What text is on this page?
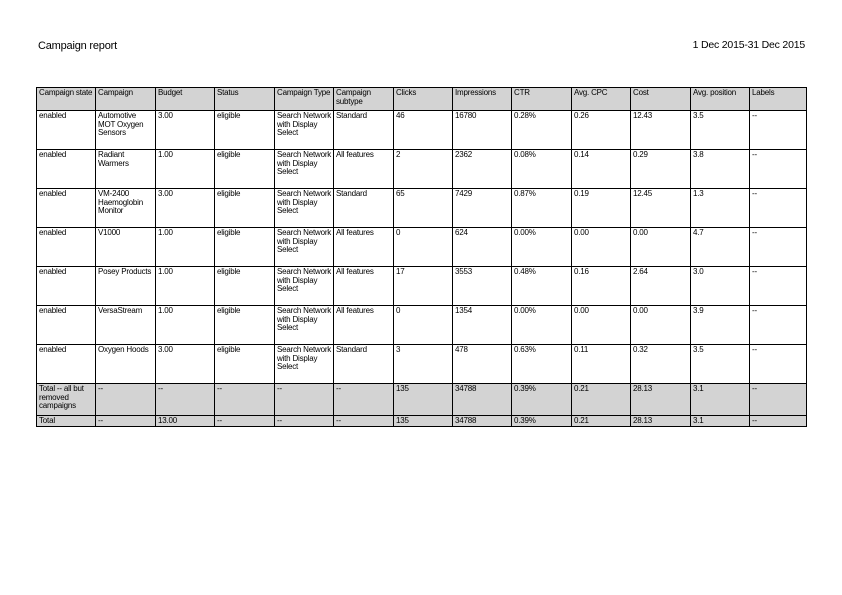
Campaign report	1 Dec 2015-31 Dec 2015
Campaign state	Campaign	Budget	Status	Campaign Type	Campaign subtype	Clicks	Impressions	CTR	Avg. CPC	Cost	Avg. position	Labels
enabled	Automotive MOT Oxygen Sensors	3.00	eligible	Search Network with Display Select	Standard	46	16780	0.28%	0.26	12.43	3.5	--
enabled	Radiant Warmers	1.00	eligible	Search Network with Display Select	All features	2	2362	0.08%	0.14	0.29	3.8	--
enabled	VM-2400 Haemoglobin Monitor	3.00	eligible	Search Network with Display Select	Standard	65	7429	0.87%	0.19	12.45	1.3	--
enabled	V1000	1.00	eligible	Search Network with Display Select	All features	0	624	0.00%	0.00	0.00	4.7	--
enabled	Posey Products	1.00	eligible	Search Network with Display Select	All features	17	3553	0.48%	0.16	2.64	3.0	--
enabled	VersaStream	1.00	eligible	Search Network with Display Select	All features	0	1354	0.00%	0.00	0.00	3.9	--
enabled	Oxygen Hoods	3.00	eligible	Search Network with Display Select	Standard	3	478	0.63%	0.11	0.32	3.5	--
Total -- all but removed campaigns	--	--	--	--	--	135	34788	0.39%	0.21	28.13	3.1	--
Total	--	13.00	--	--	--	135	34788	0.39%	0.21	28.13	3.1	--
